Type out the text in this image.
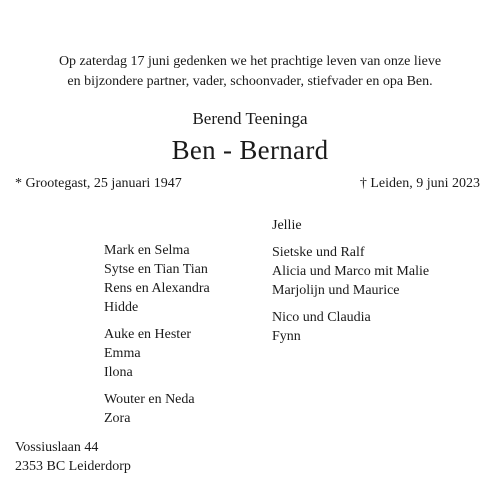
Op zaterdag 17 juni gedenken we het prachtige leven van onze lieve
en bijzondere partner, vader, schoonvader, stiefvader en opa Ben.
Berend Teeninga
Ben - Bernard
* Grootegast, 25 januari 1947	† Leiden, 9 juni 2023
Mark en Selma
Sytse en Tian Tian
Rens en Alexandra
Hidde
Auke en Hester
Emma
Ilona
Wouter en Neda
Zora
Jellie
Sietske und Ralf
Alicia und Marco mit Malie
Marjolijn und Maurice
Nico und Claudia
Fynn
Vossiuslaan 44
2353 BC Leiderdorp
